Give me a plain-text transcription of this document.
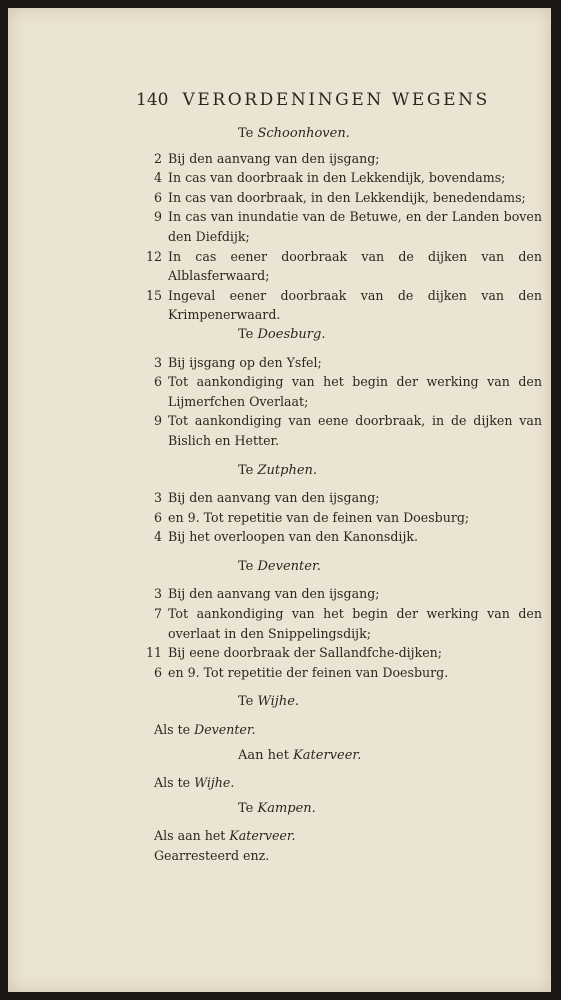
140 VERORDENINGEN WEGENS

Te Schoonhoven.

2 Bij den aanvang van den ijsgang;

4 In cas van doorbraak in den Lekkendijk, bovendams;

6 In cas van doorbraak, in den Lekkendijk, benedendams;

9 In cas van inundatie van de Betuwe, en der Landen boven den Diefdijk;

12 In cas eener doorbraak van de dijken van den Alblasferwaard;

15 Ingeval eener doorbraak van de dijken van den Krimpenerwaard.

Te Doesburg.

3 Bij ijsgang op den Ysfel;

6 Tot aankondiging van het begin der werking van den Lijmerfchen Overlaat;

9 Tot aankondiging van eene doorbraak, in de dijken van Bislich en Hetter.

Te Zutphen.

3 Bij den aanvang van den ijsgang;

6 en 9. Tot repetitie van de feinen van Doesburg;

4 Bij het overloopen van den Kanonsdijk.

Te Deventer.

3 Bij den aanvang van den ijsgang;

7 Tot aankondiging van het begin der werking van den overlaat in den Snippelingsdijk;

11 Bij eene doorbraak der Sallandfche-dijken;

6 en 9. Tot repetitie der feinen van Doesburg.

Te Wijhe.

Als te Deventer.

Aan het Katerveer.

Als te Wijhe.

Te Kampen.

Als aan het Katerveer.

Gearresteerd enz.
